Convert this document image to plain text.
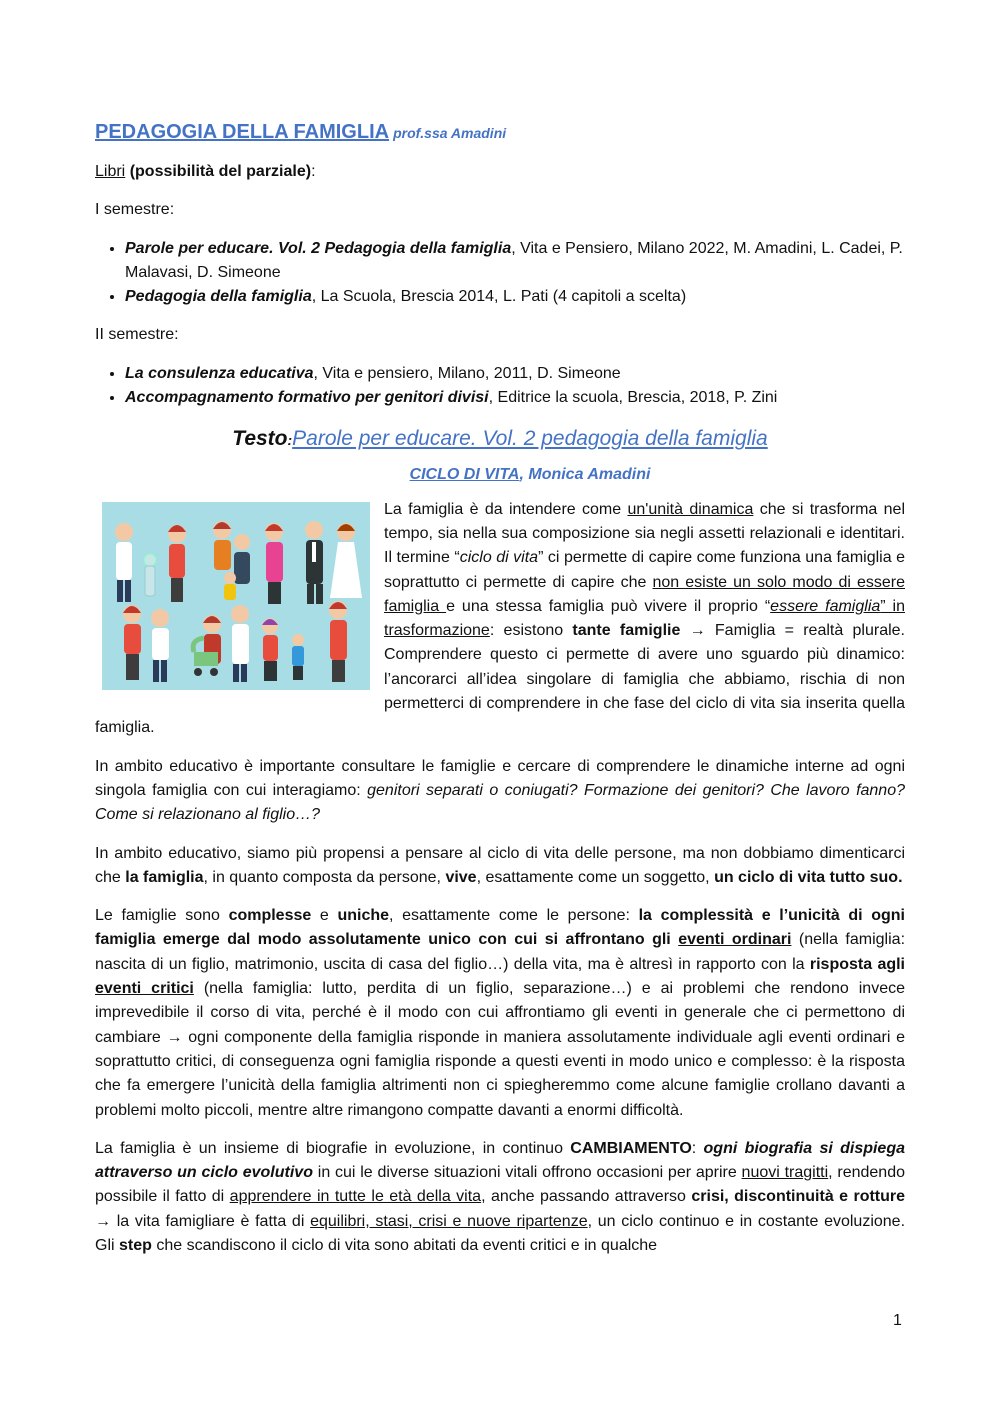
PEDAGOGIA DELLA FAMIGLIA prof.ssa Amadini

Libri (possibilità del parziale):

I semestre:

• Parole per educare. Vol. 2 Pedagogia della famiglia, Vita e Pensiero, Milano 2022, M. Amadini, L. Cadei, P. Malavasi, D. Simeone
• Pedagogia della famiglia, La Scuola, Brescia 2014, L. Pati (4 capitoli a scelta)

II semestre:

• La consulenza educativa, Vita e pensiero, Milano, 2011, D. Simeone
• Accompagnamento formativo per genitori divisi, Editrice la scuola, Brescia, 2018, P. Zini
Testo:Parole per educare. Vol. 2 pedagogia della famiglia
CICLO DI VITA, Monica Amadini

La famiglia è da intendere come un'unità dinamica che si trasforma nel tempo, sia nella sua composizione sia negli assetti relazionali e identitari. Il termine “ciclo di vita” ci permette di capire come funziona una famiglia e soprattutto ci permette di capire che non esiste un solo modo di essere famiglia e una stessa famiglia può vivere il proprio “essere famiglia” in trasformazione: esistono tante famiglie → Famiglia = realtà plurale. Comprendere questo ci permette di avere uno sguardo più dinamico: l’ancorarci all’idea singolare di famiglia che abbiamo, rischia di non permetterci di comprendere in che fase del ciclo di vita sia inserita quella famiglia.

In ambito educativo è importante consultare le famiglie e cercare di comprendere le dinamiche interne ad ogni singola famiglia con cui interagiamo: genitori separati o coniugati? Formazione dei genitori? Che lavoro fanno? Come si relazionano al figlio…?

In ambito educativo, siamo più propensi a pensare al ciclo di vita delle persone, ma non dobbiamo dimenticarci che la famiglia, in quanto composta da persone, vive, esattamente come un soggetto, un ciclo di vita tutto suo.

Le famiglie sono complesse e uniche, esattamente come le persone: la complessità e l’unicità di ogni famiglia emerge dal modo assolutamente unico con cui si affrontano gli eventi ordinari (nella famiglia: nascita di un figlio, matrimonio, uscita di casa del figlio…) della vita, ma è altresì in rapporto con la risposta agli eventi critici (nella famiglia: lutto, perdita di un figlio, separazione…) e ai problemi che rendono invece imprevedibile il corso di vita, perché è il modo con cui affrontiamo gli eventi in generale che ci permettono di cambiare → ogni componente della famiglia risponde in maniera assolutamente individuale agli eventi ordinari e soprattutto critici, di conseguenza ogni famiglia risponde a questi eventi in modo unico e complesso: è la risposta che fa emergere l’unicità della famiglia altrimenti non ci spiegheremmo come alcune famiglie crollano davanti a problemi molto piccoli, mentre altre rimangono compatte davanti a enormi difficoltà.

La famiglia è un insieme di biografie in evoluzione, in continuo CAMBIAMENTO: ogni biografia si dispiega attraverso un ciclo evolutivo in cui le diverse situazioni vitali offrono occasioni per aprire nuovi tragitti, rendendo possibile il fatto di apprendere in tutte le età della vita, anche passando attraverso crisi, discontinuità e rotture → la vita famigliare è fatta di equilibri, stasi, crisi e nuove ripartenze, un ciclo continuo e in costante evoluzione. Gli step che scandiscono il ciclo di vita sono abitati da eventi critici e in qualche

1
